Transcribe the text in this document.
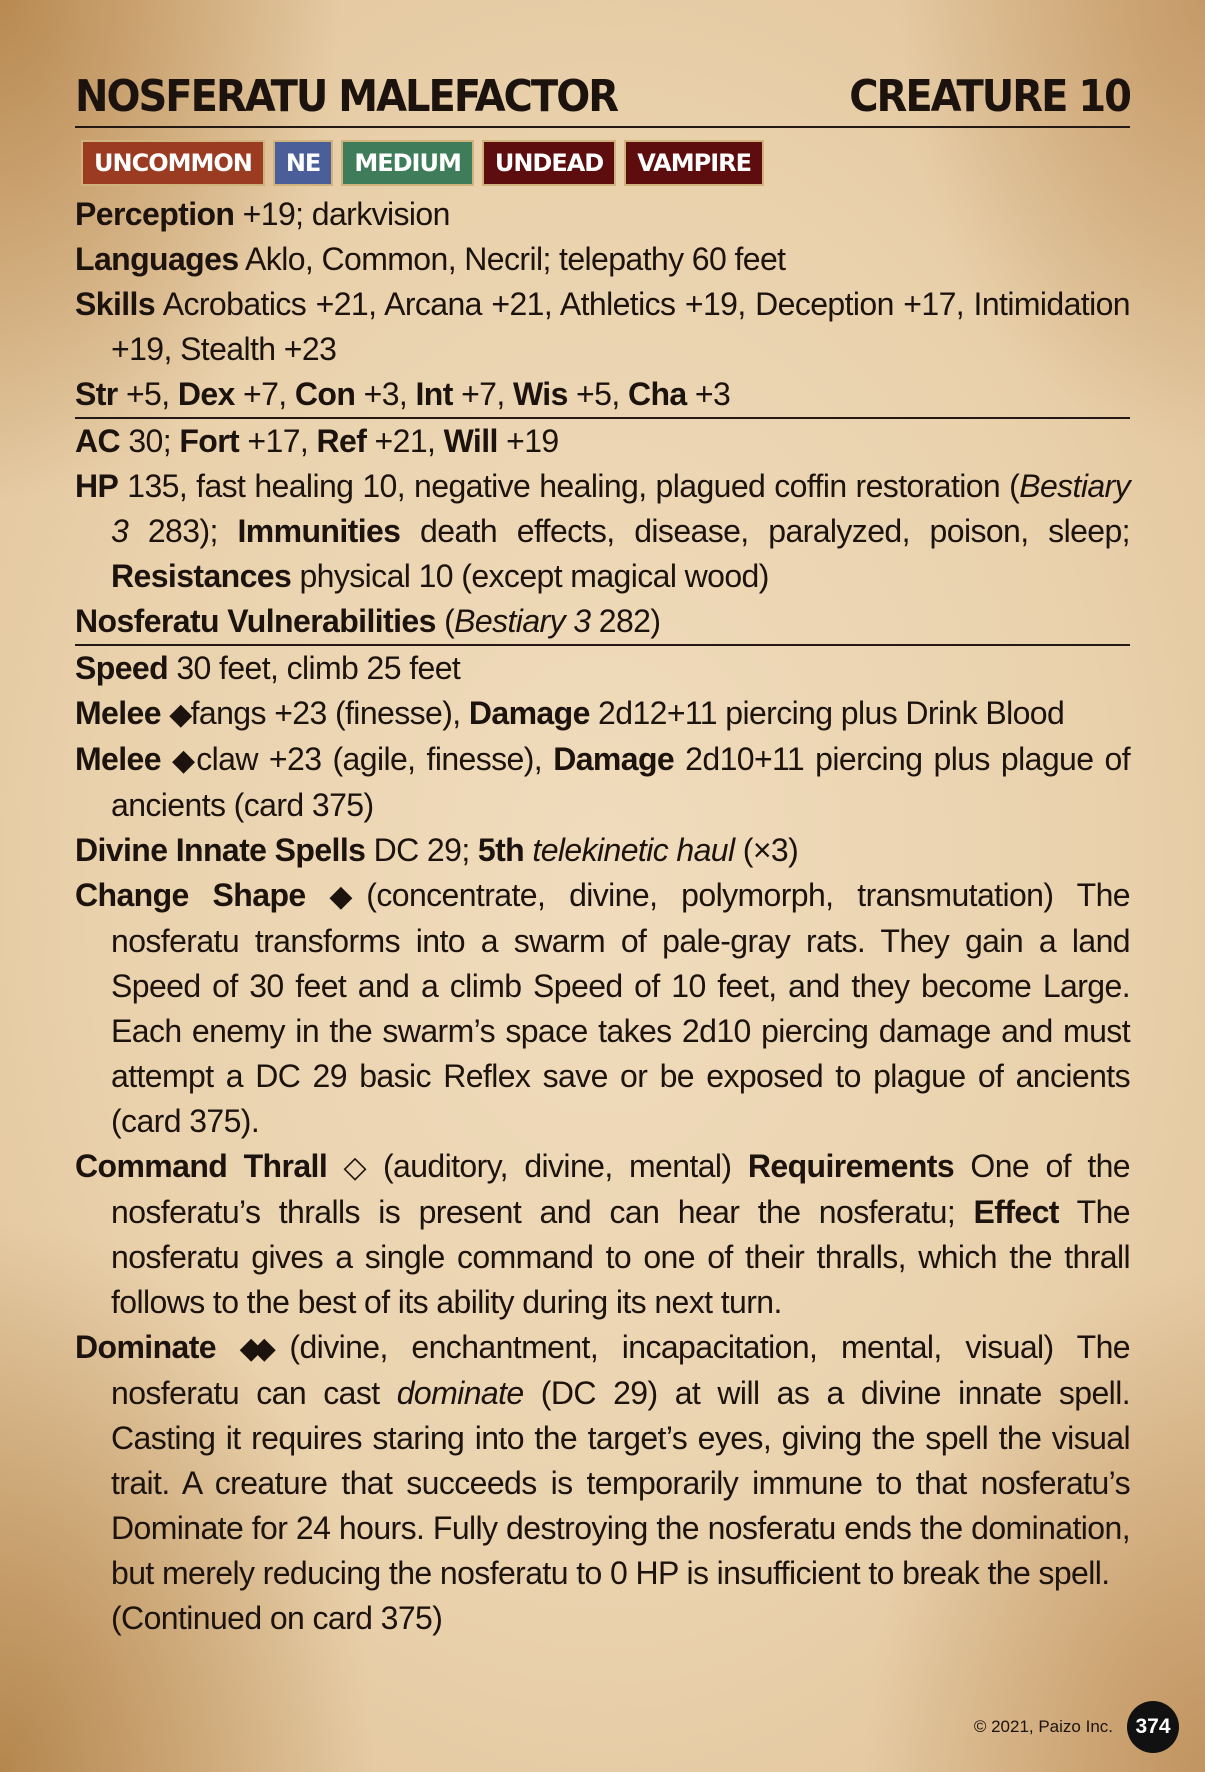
NOSFERATU MALEFACTOR	CREATURE 10
UNCOMMON	NE	MEDIUM	UNDEAD	VAMPIRE
Perception +19; darkvision
Languages Aklo, Common, Necril; telepathy 60 feet
Skills Acrobatics +21, Arcana +21, Athletics +19, Deception +17, Intimidation +19, Stealth +23
Str +5, Dex +7, Con +3, Int +7, Wis +5, Cha +3
AC 30; Fort +17, Ref +21, Will +19
HP 135, fast healing 10, negative healing, plagued coffin restoration (Bestiary 3 283); Immunities death effects, disease, paralyzed, poison, sleep; Resistances physical 10 (except magical wood)
Nosferatu Vulnerabilities (Bestiary 3 282)
Speed 30 feet, climb 25 feet
Melee ◆ fangs +23 (finesse), Damage 2d12+11 piercing plus Drink Blood
Melee ◆ claw +23 (agile, finesse), Damage 2d10+11 piercing plus plague of ancients (card 375)
Divine Innate Spells DC 29; 5th telekinetic haul (×3)
Change Shape ◆ (concentrate, divine, polymorph, transmutation) The nosferatu transforms into a swarm of pale-gray rats. They gain a land Speed of 30 feet and a climb Speed of 10 feet, and they become Large. Each enemy in the swarm’s space takes 2d10 piercing damage and must attempt a DC 29 basic Reflex save or be exposed to plague of ancients (card 375).
Command Thrall ◇ (auditory, divine, mental) Requirements One of the nosferatu’s thralls is present and can hear the nosferatu; Effect The nosferatu gives a single command to one of their thralls, which the thrall follows to the best of its ability during its next turn.
Dominate ◆◆ (divine, enchantment, incapacitation, mental, visual) The nosferatu can cast dominate (DC 29) at will as a divine innate spell. Casting it requires staring into the target’s eyes, giving the spell the visual trait. A creature that succeeds is temporarily immune to that nosferatu’s Dominate for 24 hours. Fully destroying the nosferatu ends the domination, but merely reducing the nosferatu to 0 HP is insufficient to break the spell.
(Continued on card 375)
© 2021, Paizo Inc.	374
